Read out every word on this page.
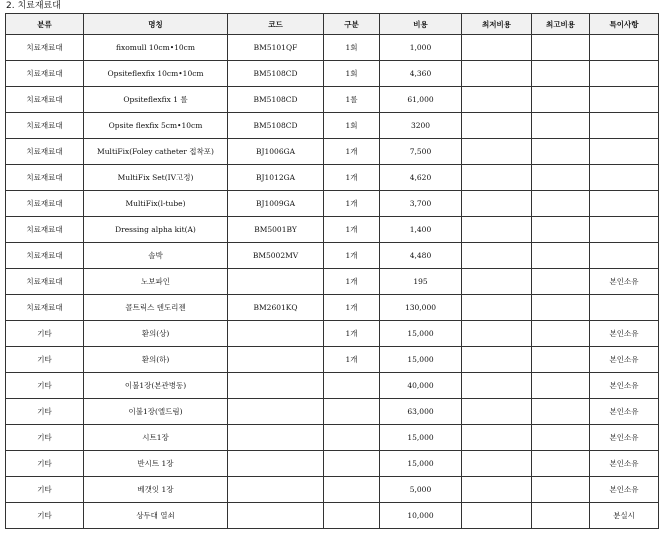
2. 치료재료대
분류	명칭	코드	구분	비용	최저비용	최고비용	특이사항
치료재료대	fixomull 10cm•10cm	BM5101QF	1회	1,000			
치료재료대	Opsiteflexfix 10cm•10cm	BM5108CD	1회	4,360			
치료재료대	Opsiteflexfix 1 롤	BM5108CD	1롤	61,000			
치료재료대	Opsite flexfix 5cm•10cm	BM5108CD	1회	3200			
치료재료대	MultiFix(Foley catheter 접착포)	BJ1006GA	1개	7,500			
치료재료대	MultiFix Set(IV고정)	BJ1012GA	1개	4,620			
치료재료대	MultiFix(l-tube)	BJ1009GA	1개	3,700			
치료재료대	Dressing alpha kit(A)	BM5001BY	1개	1,400			
치료재료대	솔박	BM5002MV	1개	4,480			
치료재료대	노보파인		1개	195			본인소유
치료재료대	콜트릭스 덴도리젠	BM2601KQ	1개	130,000			
기타	환의(상)		1개	15,000			본인소유
기타	환의(하)		1개	15,000			본인소유
기타	이불1장(본관병동)			40,000			본인소유
기타	이불1장(엘드림)			63,000			본인소유
기타	시트1장			15,000			본인소유
기타	반시트 1장			15,000			본인소유
기타	베갯잇 1장			5,000			본인소유
기타	상두대 열쇠			10,000			분실시
